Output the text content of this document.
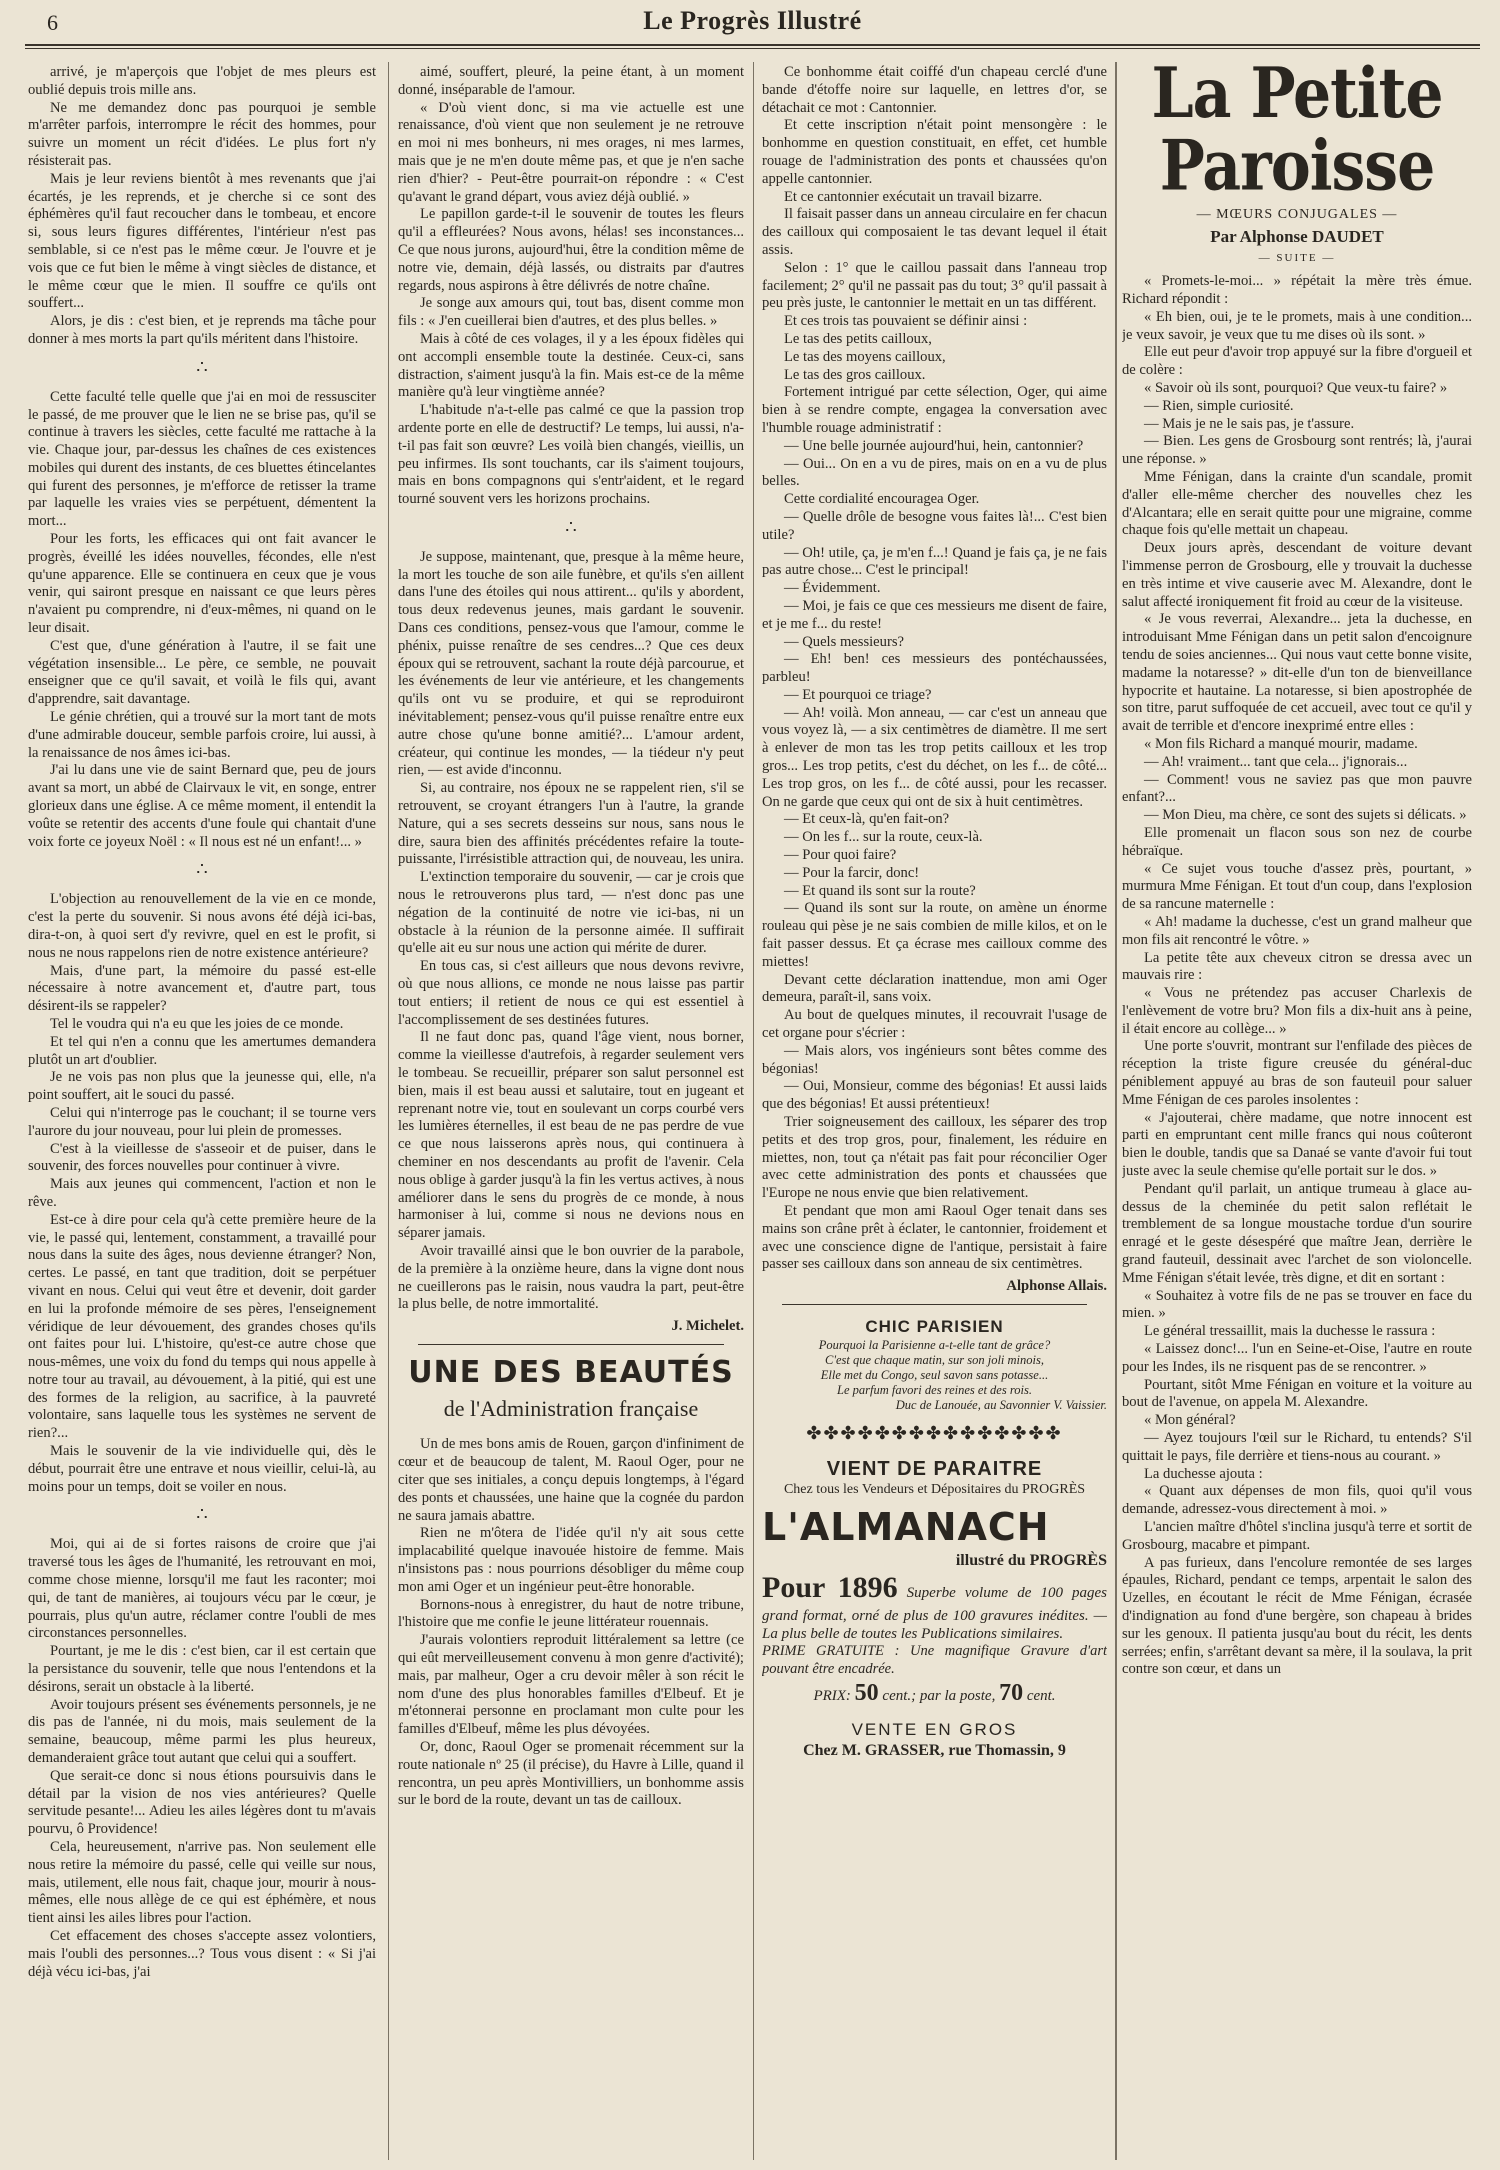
6	Le Progrès Illustré

arrivé, je m'aperçois que l'objet de mes pleurs est oublié depuis trois mille ans.

Ne me demandez donc pas pourquoi je semble m'arrêter parfois, interrompre le récit des hommes, pour suivre un moment un récit d'idées. Le plus fort n'y résisterait pas.

Mais je leur reviens bientôt à mes revenants que j'ai écartés, je les reprends, et je cherche si ce sont des éphémères qu'il faut recoucher dans le tombeau, et encore si, sous leurs figures différentes, l'intérieur n'est pas semblable, si ce n'est pas le même cœur. Je l'ouvre et je vois que ce fut bien le même à vingt siècles de distance, et le même cœur que le mien. Il souffre ce qu'ils ont souffert...

Alors, je dis : c'est bien, et je reprends ma tâche pour donner à mes morts la part qu'ils méritent dans l'histoire.

∴

Cette faculté telle quelle que j'ai en moi de ressusciter le passé, de me prouver que le lien ne se brise pas, qu'il se continue à travers les siècles, cette faculté me rattache à la vie. Chaque jour, par-dessus les chaînes de ces existences mobiles qui durent des instants, de ces bluettes étincelantes qui furent des personnes, je m'efforce de retisser la trame par laquelle les vraies vies se perpétuent, démentent la mort...

Pour les forts, les efficaces qui ont fait avancer le progrès, éveillé les idées nouvelles, fécondes, elle n'est qu'une apparence. Elle se continuera en ceux que je vous venir, qui sairont presque en naissant ce que leurs pères n'avaient pu comprendre, ni d'eux-mêmes, ni quand on le leur disait.

C'est que, d'une génération à l'autre, il se fait une végétation insensible... Le père, ce semble, ne pouvait enseigner que ce qu'il savait, et voilà le fils qui, avant d'apprendre, sait davantage.

Le génie chrétien, qui a trouvé sur la mort tant de mots d'une admirable douceur, semble parfois croire, lui aussi, à la renaissance de nos âmes ici-bas.

J'ai lu dans une vie de saint Bernard que, peu de jours avant sa mort, un abbé de Clairvaux le vit, en songe, entrer glorieux dans une église. A ce même moment, il entendit la voûte se retentir des accents d'une foule qui chantait d'une voix forte ce joyeux Noël : « Il nous est né un enfant!... »

∴

L'objection au renouvellement de la vie en ce monde, c'est la perte du souvenir. Si nous avons été déjà ici-bas, dira-t-on, à quoi sert d'y revivre, quel en est le profit, si nous ne nous rappelons rien de notre existence antérieure?

Mais, d'une part, la mémoire du passé est-elle nécessaire à notre avancement et, d'autre part, tous désirent-ils se rappeler?

Tel le voudra qui n'a eu que les joies de ce monde.

Et tel qui n'en a connu que les amertumes demandera plutôt un art d'oublier.

Je ne vois pas non plus que la jeunesse qui, elle, n'a point souffert, ait le souci du passé.

Celui qui n'interroge pas le couchant; il se tourne vers l'aurore du jour nouveau, pour lui plein de promesses.

C'est à la vieillesse de s'asseoir et de puiser, dans le souvenir, des forces nouvelles pour continuer à vivre.

Mais aux jeunes qui commencent, l'action et non le rêve.

Est-ce à dire pour cela qu'à cette première heure de la vie, le passé qui, lentement, constamment, a travaillé pour nous dans la suite des âges, nous devienne étranger? Non, certes. Le passé, en tant que tradition, doit se perpétuer vivant en nous. Celui qui veut être et devenir, doit garder en lui la profonde mémoire de ses pères, l'enseignement véridique de leur dévouement, des grandes choses qu'ils ont faites pour lui. L'histoire, qu'est-ce autre chose que nous-mêmes, une voix du fond du temps qui nous appelle à notre tour au travail, au dévouement, à la pitié, qui est une des formes de la religion, au sacrifice, à la pauvreté volontaire, sans laquelle tous les systèmes ne servent de rien?...

Mais le souvenir de la vie individuelle qui, dès le début, pourrait être une entrave et nous vieillir, celui-là, au moins pour un temps, doit se voiler en nous.

∴

Moi, qui ai de si fortes raisons de croire que j'ai traversé tous les âges de l'humanité, les retrouvant en moi, comme chose mienne, lorsqu'il me faut les raconter; moi qui, de tant de manières, ai toujours vécu par le cœur, je pourrais, plus qu'un autre, réclamer contre l'oubli de mes circonstances personnelles.

Pourtant, je me le dis : c'est bien, car il est certain que la persistance du souvenir, telle que nous l'entendons et la désirons, serait un obstacle à la liberté.

Avoir toujours présent ses événements personnels, je ne dis pas de l'année, ni du mois, mais seulement de la semaine, beaucoup, même parmi les plus heureux, demanderaient grâce tout autant que celui qui a souffert.

Que serait-ce donc si nous étions poursuivis dans le détail par la vision de nos vies antérieures? Quelle servitude pesante!... Adieu les ailes légères dont tu m'avais pourvu, ô Providence!

Cela, heureusement, n'arrive pas. Non seulement elle nous retire la mémoire du passé, celle qui veille sur nous, mais, utilement, elle nous fait, chaque jour, mourir à nous-mêmes, elle nous allège de ce qui est éphémère, et nous tient ainsi les ailes libres pour l'action.

Cet effacement des choses s'accepte assez volontiers, mais l'oubli des personnes...? Tous vous disent : « Si j'ai déjà vécu ici-bas, j'ai

aimé, souffert, pleuré, la peine étant, à un moment donné, inséparable de l'amour.

« D'où vient donc, si ma vie actuelle est une renaissance, d'où vient que non seulement je ne retrouve en moi ni mes bonheurs, ni mes orages, ni mes larmes, mais que je ne m'en doute même pas, et que je n'en sache rien d'hier? - Peut-être pourrait-on répondre : « C'est qu'avant le grand départ, vous aviez déjà oublié. »

Le papillon garde-t-il le souvenir de toutes les fleurs qu'il a effleurées? Nous avons, hélas! ses inconstances... Ce que nous jurons, aujourd'hui, être la condition même de notre vie, demain, déjà lassés, ou distraits par d'autres regards, nous aspirons à être délivrés de notre chaîne.

Je songe aux amours qui, tout bas, disent comme mon fils : « J'en cueillerai bien d'autres, et des plus belles. »

Mais à côté de ces volages, il y a les époux fidèles qui ont accompli ensemble toute la destinée. Ceux-ci, sans distraction, s'aiment jusqu'à la fin. Mais est-ce de la même manière qu'à leur vingtième année?

L'habitude n'a-t-elle pas calmé ce que la passion trop ardente porte en elle de destructif? Le temps, lui aussi, n'a-t-il pas fait son œuvre? Les voilà bien changés, vieillis, un peu infirmes. Ils sont touchants, car ils s'aiment toujours, mais en bons compagnons qui s'entr'aident, et le regard tourné souvent vers les horizons prochains.

∴

Je suppose, maintenant, que, presque à la même heure, la mort les touche de son aile funèbre, et qu'ils s'en aillent dans l'une des étoiles qui nous attirent... qu'ils y abordent, tous deux redevenus jeunes, mais gardant le souvenir. Dans ces conditions, pensez-vous que l'amour, comme le phénix, puisse renaître de ses cendres...? Que ces deux époux qui se retrouvent, sachant la route déjà parcourue, et les événements de leur vie antérieure, et les changements qu'ils ont vu se produire, et qui se reproduiront inévitablement; pensez-vous qu'il puisse renaître entre eux autre chose qu'une bonne amitié?... L'amour ardent, créateur, qui continue les mondes, — la tiédeur n'y peut rien, — est avide d'inconnu.

Si, au contraire, nos époux ne se rappelent rien, s'il se retrouvent, se croyant étrangers l'un à l'autre, la grande Nature, qui a ses secrets desseins sur nous, sans nous le dire, saura bien des affinités précédentes refaire la toute-puissante, l'irrésistible attraction qui, de nouveau, les unira.

L'extinction temporaire du souvenir, — car je crois que nous le retrouverons plus tard, — n'est donc pas une négation de la continuité de notre vie ici-bas, ni un obstacle à la réunion de la personne aimée. Il suffirait qu'elle ait eu sur nous une action qui mérite de durer.

En tous cas, si c'est ailleurs que nous devons revivre, où que nous allions, ce monde ne nous laisse pas partir tout entiers; il retient de nous ce qui est essentiel à l'accomplissement de ses destinées futures.

Il ne faut donc pas, quand l'âge vient, nous borner, comme la vieillesse d'autrefois, à regarder seulement vers le tombeau. Se recueillir, préparer son salut personnel est bien, mais il est beau aussi et salutaire, tout en jugeant et reprenant notre vie, tout en soulevant un corps courbé vers les lumières éternelles, il est beau de ne pas perdre de vue ce que nous laisserons après nous, qui continuera à cheminer en nos descendants au profit de l'avenir. Cela nous oblige à garder jusqu'à la fin les vertus actives, à nous améliorer dans le sens du progrès de ce monde, à nous harmoniser à lui, comme si nous ne devions nous en séparer jamais.

Avoir travaillé ainsi que le bon ouvrier de la parabole, de la première à la onzième heure, dans la vigne dont nous ne cueillerons pas le raisin, nous vaudra la part, peut-être la plus belle, de notre immortalité.

J. Michelet.

UNE DES BEAUTÉS

de l'Administration française

Un de mes bons amis de Rouen, garçon d'infiniment de cœur et de beaucoup de talent, M. Raoul Oger, pour ne citer que ses initiales, a conçu depuis longtemps, à l'égard des ponts et chaussées, une haine que la cognée du pardon ne saura jamais abattre.

Rien ne m'ôtera de l'idée qu'il n'y ait sous cette implacabilité quelque inavouée histoire de femme. Mais n'insistons pas : nous pourrions désobliger du même coup mon ami Oger et un ingénieur peut-être honorable.

Bornons-nous à enregistrer, du haut de notre tribune, l'histoire que me confie le jeune littérateur rouennais.

J'aurais volontiers reproduit littéralement sa lettre (ce qui eût merveilleusement convenu à mon genre d'activité); mais, par malheur, Oger a cru devoir mêler à son récit le nom d'une des plus honorables familles d'Elbeuf. Et je m'étonnerai personne en proclamant mon culte pour les familles d'Elbeuf, même les plus dévoyées.

Or, donc, Raoul Oger se promenait récemment sur la route nationale nº 25 (il précise), du Havre à Lille, quand il rencontra, un peu après Montivilliers, un bonhomme assis sur le bord de la route, devant un tas de cailloux.

Ce bonhomme était coiffé d'un chapeau cerclé d'une bande d'étoffe noire sur laquelle, en lettres d'or, se détachait ce mot : Cantonnier.

Et cette inscription n'était point mensongère : le bonhomme en question constituait, en effet, cet humble rouage de l'administration des ponts et chaussées qu'on appelle cantonnier.

Et ce cantonnier exécutait un travail bizarre.

Il faisait passer dans un anneau circulaire en fer chacun des cailloux qui composaient le tas devant lequel il était assis.

Selon : 1° que le caillou passait dans l'anneau trop facilement; 2° qu'il ne passait pas du tout; 3° qu'il passait à peu près juste, le cantonnier le mettait en un tas différent.

Et ces trois tas pouvaient se définir ainsi :

Le tas des petits cailloux,

Le tas des moyens cailloux,

Le tas des gros cailloux.

Fortement intrigué par cette sélection, Oger, qui aime bien à se rendre compte, engagea la conversation avec l'humble rouage administratif :

— Une belle journée aujourd'hui, hein, cantonnier?

— Oui... On en a vu de pires, mais on en a vu de plus belles.

Cette cordialité encouragea Oger.

— Quelle drôle de besogne vous faites là!... C'est bien utile?

— Oh! utile, ça, je m'en f...! Quand je fais ça, je ne fais pas autre chose... C'est le principal!

— Évidemment.

— Moi, je fais ce que ces messieurs me disent de faire, et je me f... du reste!

— Quels messieurs?

— Eh! ben! ces messieurs des pontéchaussées, parbleu!

— Et pourquoi ce triage?

— Ah! voilà. Mon anneau, — car c'est un anneau que vous voyez là, — a six centimètres de diamètre. Il me sert à enlever de mon tas les trop petits cailloux et les trop gros... Les trop petits, c'est du déchet, on les f... de côté... Les trop gros, on les f... de côté aussi, pour les recasser. On ne garde que ceux qui ont de six à huit centimètres.

— Et ceux-là, qu'en fait-on?

— On les f... sur la route, ceux-là.

— Pour quoi faire?

— Pour la farcir, donc!

— Et quand ils sont sur la route?

— Quand ils sont sur la route, on amène un énorme rouleau qui pèse je ne sais combien de mille kilos, et on le fait passer dessus. Et ça écrase mes cailloux comme des miettes!

Devant cette déclaration inattendue, mon ami Oger demeura, paraît-il, sans voix.

Au bout de quelques minutes, il recouvrait l'usage de cet organe pour s'écrier :

— Mais alors, vos ingénieurs sont bêtes comme des bégonias!

— Oui, Monsieur, comme des bégonias! Et aussi laids que des bégonias! Et aussi prétentieux!

Trier soigneusement des cailloux, les séparer des trop petits et des trop gros, pour, finalement, les réduire en miettes, non, tout ça n'était pas fait pour réconcilier Oger avec cette administration des ponts et chaussées que l'Europe ne nous envie que bien relativement.

Et pendant que mon ami Raoul Oger tenait dans ses mains son crâne prêt à éclater, le cantonnier, froidement et avec une conscience digne de l'antique, persistait à faire passer ses cailloux dans son anneau de six centimètres.

Alphonse Allais.

CHIC PARISIEN

Pourquoi la Parisienne a-t-elle tant de grâce?

C'est que chaque matin, sur son joli minois,

Elle met du Congo, seul savon sans potasse...

Le parfum favori des reines et des rois.

Duc de Lanouée, au Savonnier V. Vaissier.

✤✤✤✤✤✤✤✤✤✤✤✤✤✤✤

VIENT DE PARAITRE

Chez tous les Vendeurs et Dépositaires du PROGRÈS

L'ALMANACH

illustré du PROGRÈS

Pour 1896 Superbe volume de 100 pages grand format, orné de plus de 100 gravures inédites. — La plus belle de toutes les Publications similaires.

PRIME GRATUITE : Une magnifique Gravure d'art pouvant être encadrée.

PRIX: 50 cent.; par la poste, 70 cent.

VENTE EN GROS

Chez M. GRASSER, rue Thomassin, 9

La Petite Paroisse

— MŒURS CONJUGALES —

Par Alphonse DAUDET

— SUITE —

« Promets-le-moi... » répétait la mère très émue. Richard répondit :

« Eh bien, oui, je te le promets, mais à une condition... je veux savoir, je veux que tu me dises où ils sont. »

Elle eut peur d'avoir trop appuyé sur la fibre d'orgueil et de colère :

« Savoir où ils sont, pourquoi? Que veux-tu faire? »

— Rien, simple curiosité.

— Mais je ne le sais pas, je t'assure.

— Bien. Les gens de Grosbourg sont rentrés; là, j'aurai une réponse. »

Mme Fénigan, dans la crainte d'un scandale, promit d'aller elle-même chercher des nouvelles chez les d'Alcantara; elle en serait quitte pour une migraine, comme chaque fois qu'elle mettait un chapeau.

Deux jours après, descendant de voiture devant l'immense perron de Grosbourg, elle y trouvait la duchesse en très intime et vive causerie avec M. Alexandre, dont le salut affecté ironiquement fit froid au cœur de la visiteuse.

« Je vous reverrai, Alexandre... jeta la duchesse, en introduisant Mme Fénigan dans un petit salon d'encoignure tendu de soies anciennes... Qui nous vaut cette bonne visite, madame la notaresse? » dit-elle d'un ton de bienveillance hypocrite et hautaine. La notaresse, si bien apostrophée de son titre, parut suffoquée de cet accueil, avec tout ce qu'il y avait de terrible et d'encore inexprimé entre elles :

« Mon fils Richard a manqué mourir, madame.

— Ah! vraiment... tant que cela... j'ignorais...

— Comment! vous ne saviez pas que mon pauvre enfant?...

— Mon Dieu, ma chère, ce sont des sujets si délicats. »

Elle promenait un flacon sous son nez de courbe hébraïque.

« Ce sujet vous touche d'assez près, pourtant, » murmura Mme Fénigan. Et tout d'un coup, dans l'explosion de sa rancune maternelle :

« Ah! madame la duchesse, c'est un grand malheur que mon fils ait rencontré le vôtre. »

La petite tête aux cheveux citron se dressa avec un mauvais rire :

« Vous ne prétendez pas accuser Charlexis de l'enlèvement de votre bru? Mon fils a dix-huit ans à peine, il était encore au collège... »

Une porte s'ouvrit, montrant sur l'enfilade des pièces de réception la triste figure creusée du général-duc péniblement appuyé au bras de son fauteuil pour saluer Mme Fénigan de ces paroles insolentes :

« J'ajouterai, chère madame, que notre innocent est parti en empruntant cent mille francs qui nous coûteront bien le double, tandis que sa Danaé se vante d'avoir fui tout juste avec la seule chemise qu'elle portait sur le dos. »

Pendant qu'il parlait, un antique trumeau à glace au-dessus de la cheminée du petit salon reflétait le tremblement de sa longue moustache tordue d'un sourire enragé et le geste désespéré que maître Jean, derrière le grand fauteuil, dessinait avec l'archet de son violoncelle. Mme Fénigan s'était levée, très digne, et dit en sortant :

« Souhaitez à votre fils de ne pas se trouver en face du mien. »

Le général tressaillit, mais la duchesse le rassura :

« Laissez donc!... l'un en Seine-et-Oise, l'autre en route pour les Indes, ils ne risquent pas de se rencontrer. »

Pourtant, sitôt Mme Fénigan en voiture et la voiture au bout de l'avenue, on appela M. Alexandre.

« Mon général?

— Ayez toujours l'œil sur le Richard, tu entends? S'il quittait le pays, file derrière et tiens-nous au courant. »

La duchesse ajouta :

« Quant aux dépenses de mon fils, quoi qu'il vous demande, adressez-vous directement à moi. »

L'ancien maître d'hôtel s'inclina jusqu'à terre et sortit de Grosbourg, macabre et pimpant.

A pas furieux, dans l'encolure remontée de ses larges épaules, Richard, pendant ce temps, arpentait le salon des Uzelles, en écoutant le récit de Mme Fénigan, écrasée d'indignation au fond d'une bergère, son chapeau à brides sur les genoux. Il patienta jusqu'au bout du récit, les dents serrées; enfin, s'arrêtant devant sa mère, il la soulava, la prit contre son cœur, et dans un
